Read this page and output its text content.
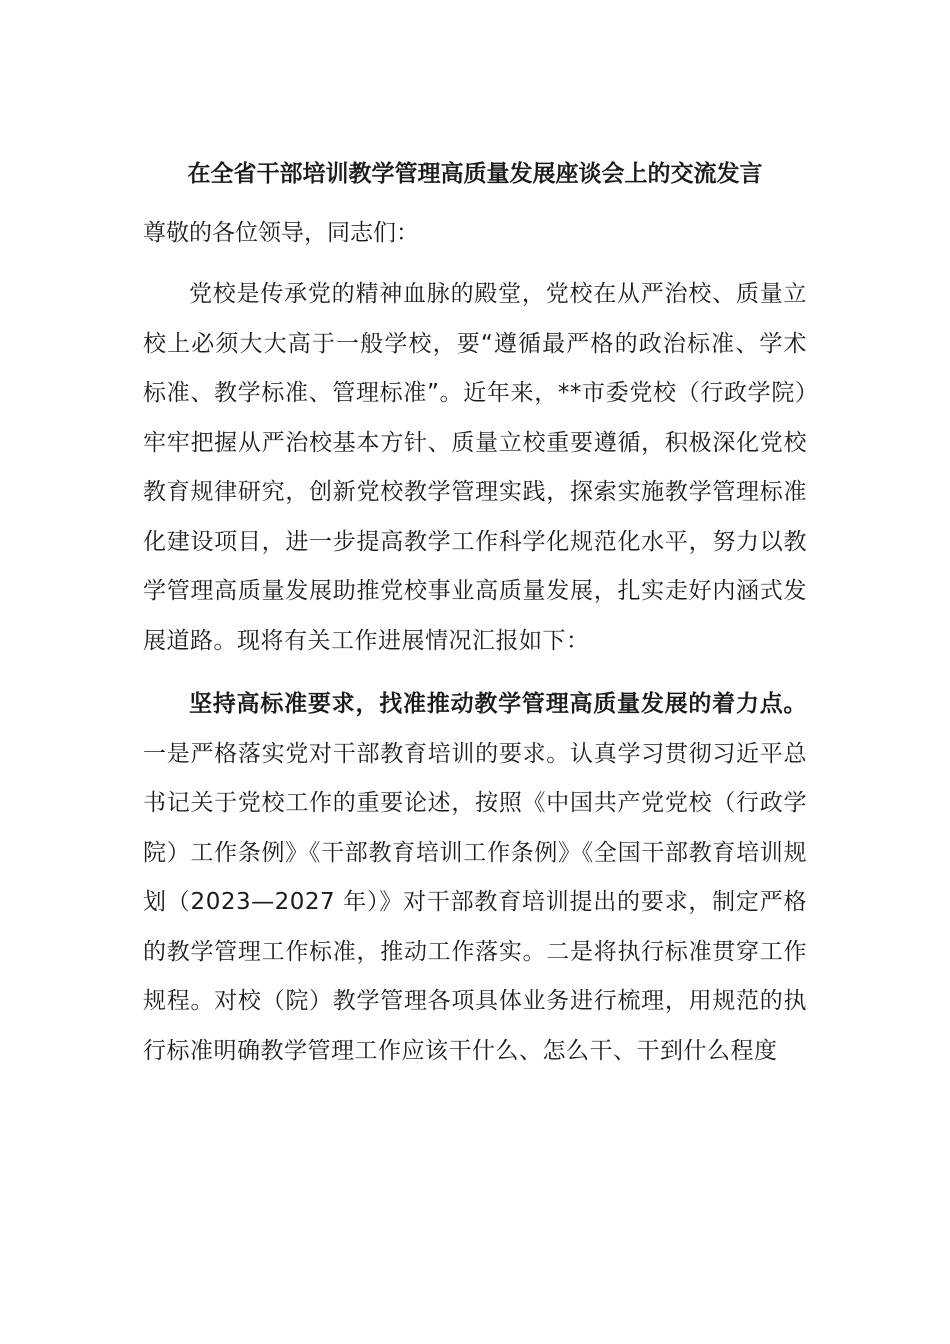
在全省干部培训教学管理高质量发展座谈会上的交流发言

尊敬的各位领导，同志们：

党校是传承党的精神血脉的殿堂，党校在从严治校、质量立校上必须大大高于一般学校，要“遵循最严格的政治标准、学术标准、教学标准、管理标准”。近年来，**市委党校（行政学院）牢牢把握从严治校基本方针、质量立校重要遵循，积极深化党校教育规律研究，创新党校教学管理实践，探索实施教学管理标准化建设项目，进一步提高教学工作科学化规范化水平，努力以教学管理高质量发展助推党校事业高质量发展，扎实走好内涵式发展道路。现将有关工作进展情况汇报如下：

坚持高标准要求，找准推动教学管理高质量发展的着力点。一是严格落实党对干部教育培训的要求。认真学习贯彻习近平总书记关于党校工作的重要论述，按照《中国共产党党校（行政学院）工作条例》《干部教育培训工作条例》《全国干部教育培训规划（2023—2027 年）》对干部教育培训提出的要求，制定严格的教学管理工作标准，推动工作落实。二是将执行标准贯穿工作规程。对校（院）教学管理各项具体业务进行梳理，用规范的执行标准明确教学管理工作应该干什么、怎么干、干到什么程度
